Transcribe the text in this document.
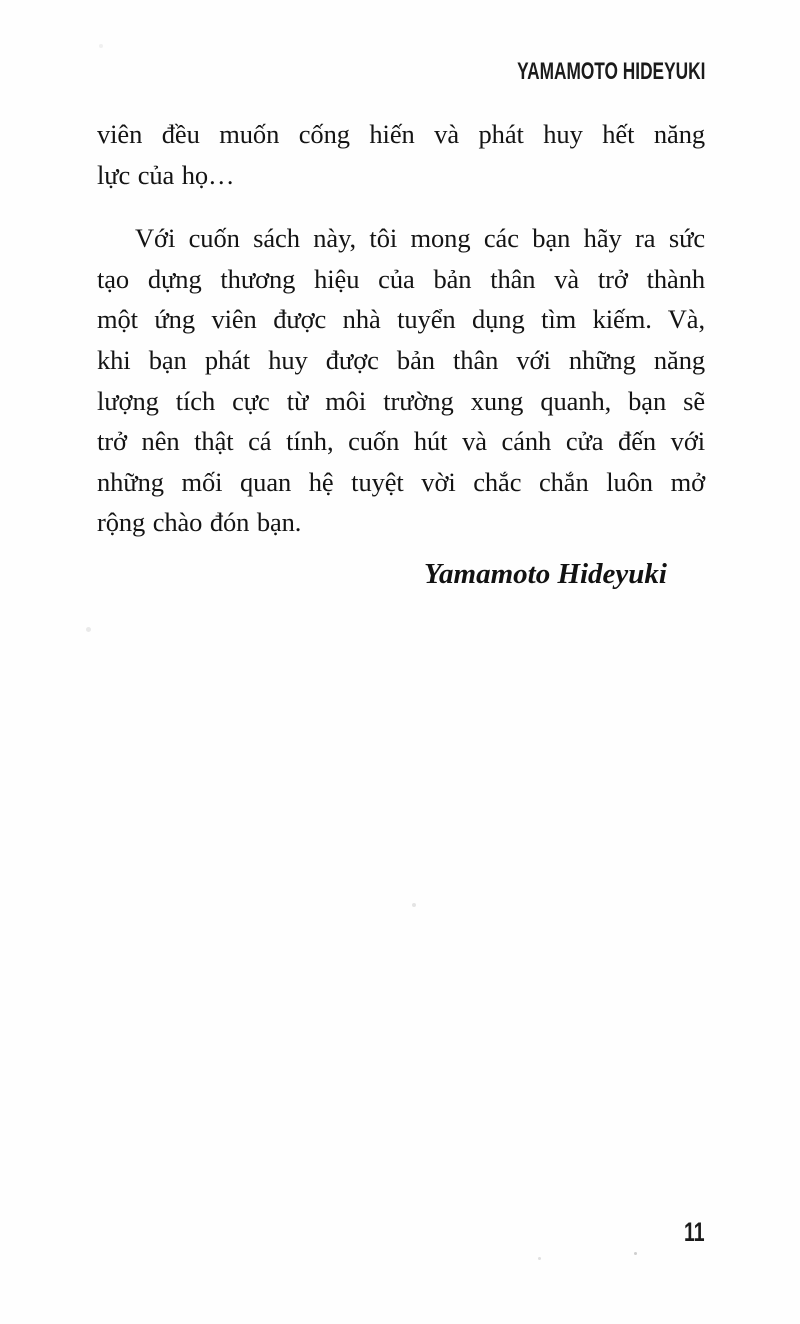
YAMAMOTO HIDEYUKI
viên đều muốn cống hiến và phát huy hết năng
lực của họ…
Với cuốn sách này, tôi mong các bạn hãy ra sức
tạo dựng thương hiệu của bản thân và trở thành
một ứng viên được nhà tuyển dụng tìm kiếm. Và,
khi bạn phát huy được bản thân với những năng
lượng tích cực từ môi trường xung quanh, bạn sẽ
trở nên thật cá tính, cuốn hút và cánh cửa đến với
những mối quan hệ tuyệt vời chắc chắn luôn mở
rộng chào đón bạn.
Yamamoto Hideyuki
11
